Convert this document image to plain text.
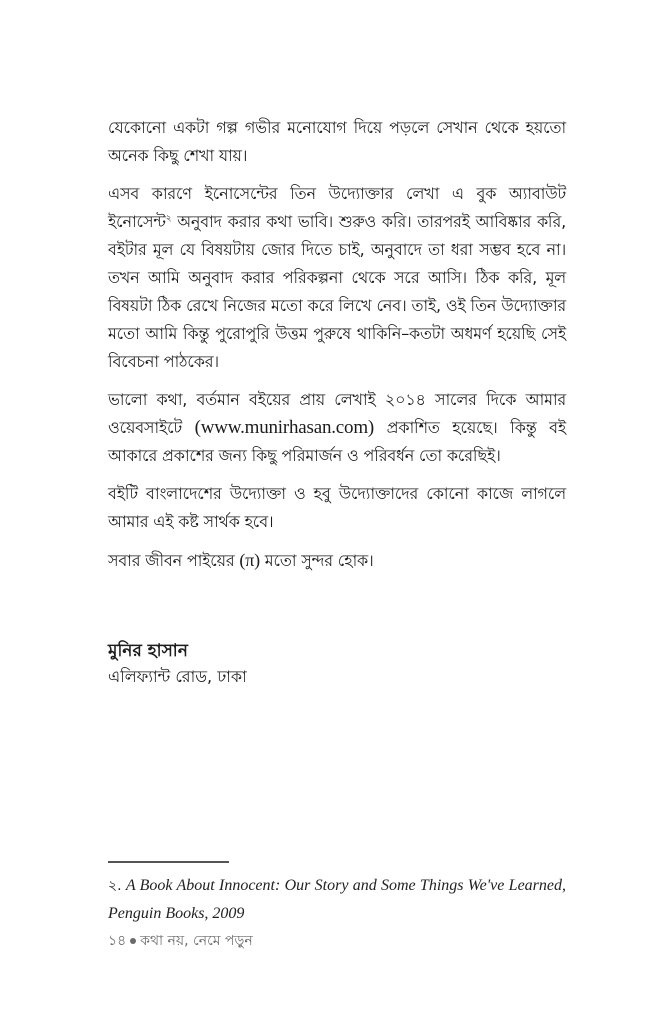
যেকোনো একটা গল্প গভীর মনোযোগ দিয়ে পড়লে সেখান থেকে হয়তো অনেক কিছু শেখা যায়।

এসব কারণে ইনোসেন্টের তিন উদ্যোক্তার লেখা এ বুক অ্যাবাউট ইনোসেন্ট$^২$ অনুবাদ করার কথা ভাবি। শুরুও করি। তারপরই আবিষ্কার করি, বইটার মূল যে বিষয়টায় জোর দিতে চাই, অনুবাদে তা ধরা সম্ভব হবে না। তখন আমি অনুবাদ করার পরিকল্পনা থেকে সরে আসি। ঠিক করি, মূল বিষয়টা ঠিক রেখে নিজের মতো করে লিখে নেব। তাই, ওই তিন উদ্যোক্তার মতো আমি কিন্তু পুরোপুরি উত্তম পুরুষে থাকিনি–কতটা অধমর্ণ হয়েছি সেই বিবেচনা পাঠকের।

ভালো কথা, বর্তমান বইয়ের প্রায় লেখাই ২০১৪ সালের দিকে আমার ওয়েবসাইটে (www.munirhasan.com) প্রকাশিত হয়েছে। কিন্তু বই আকারে প্রকাশের জন্য কিছু পরিমার্জন ও পরিবর্ধন তো করেছিই।

বইটি বাংলাদেশের উদ্যোক্তা ও হবু উদ্যোক্তাদের কোনো কাজে লাগলে আমার এই কষ্ট সার্থক হবে।

সবার জীবন পাইয়ের (π) মতো সুন্দর হোক।

মুনির হাসান

এলিফ্যান্ট রোড, ঢাকা

২. A Book About Innocent: Our Story and Some Things We've Learned, Penguin Books, 2009

১৪ কথা নয়, নেমে পড়ুন
